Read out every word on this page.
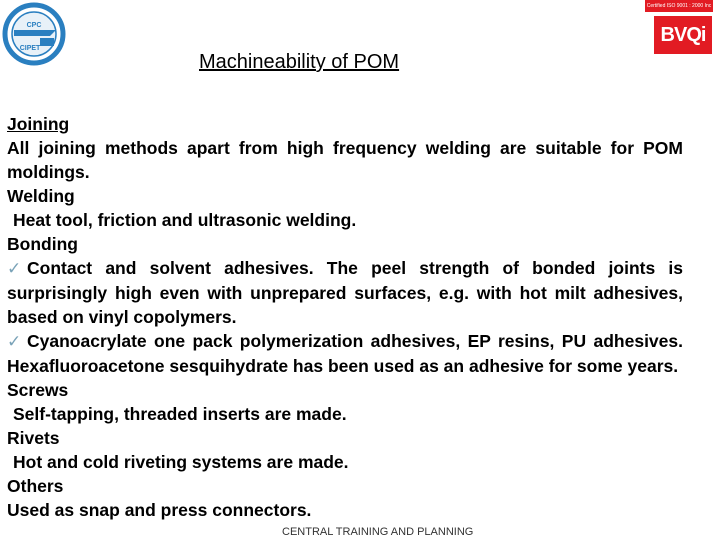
CPC
CIPET
Certified ISO 9001 : 2000 Inc
BVQi
Machineability of POM

Joining

All joining methods apart from high frequency welding are suitable for POM moldings.

Welding

Heat tool, friction and ultrasonic welding.

Bonding

✓ Contact and solvent adhesives. The peel strength of bonded joints is surprisingly high even with unprepared surfaces, e.g. with hot milt adhesives, based on vinyl copolymers.

✓ Cyanoacrylate one pack polymerization adhesives, EP resins, PU adhesives. Hexafluoroacetone sesquihydrate has been used as an adhesive for some years.

Screws

Self-tapping, threaded inserts are made.

Rivets

Hot and cold riveting systems are made.

Others

Used as snap and press connectors.

CENTRAL TRAINING AND PLANNING
